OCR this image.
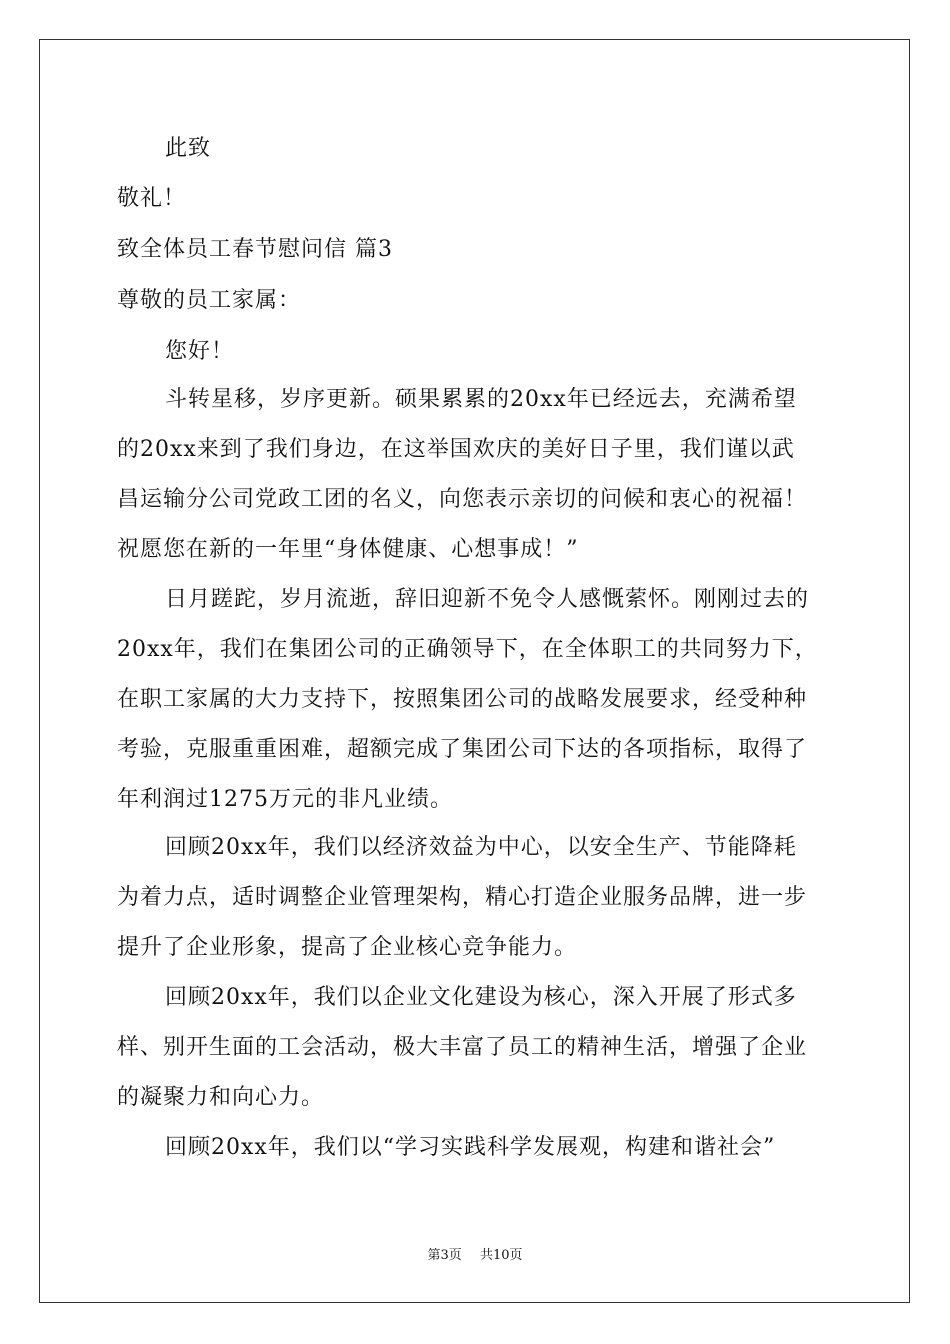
此致
敬礼！
致全体员工春节慰问信 篇3
尊敬的员工家属：
您好！
斗转星移，岁序更新。硕果累累的20xx年已经远去，充满希望
的20xx来到了我们身边，在这举国欢庆的美好日子里，我们谨以武
昌运输分公司党政工团的名义，向您表示亲切的问候和衷心的祝福！
祝愿您在新的一年里“身体健康、心想事成！”
日月蹉跎，岁月流逝，辞旧迎新不免令人感慨萦怀。刚刚过去的
20xx年，我们在集团公司的正确领导下，在全体职工的共同努力下，
在职工家属的大力支持下，按照集团公司的战略发展要求，经受种种
考验，克服重重困难，超额完成了集团公司下达的各项指标，取得了
年利润过1275万元的非凡业绩。
回顾20xx年，我们以经济效益为中心，以安全生产、节能降耗
为着力点，适时调整企业管理架构，精心打造企业服务品牌，进一步
提升了企业形象，提高了企业核心竞争能力。
回顾20xx年，我们以企业文化建设为核心，深入开展了形式多
样、别开生面的工会活动，极大丰富了员工的精神生活，增强了企业
的凝聚力和向心力。
回顾20xx年，我们以“学习实践科学发展观，构建和谐社会”
第3页 共10页
